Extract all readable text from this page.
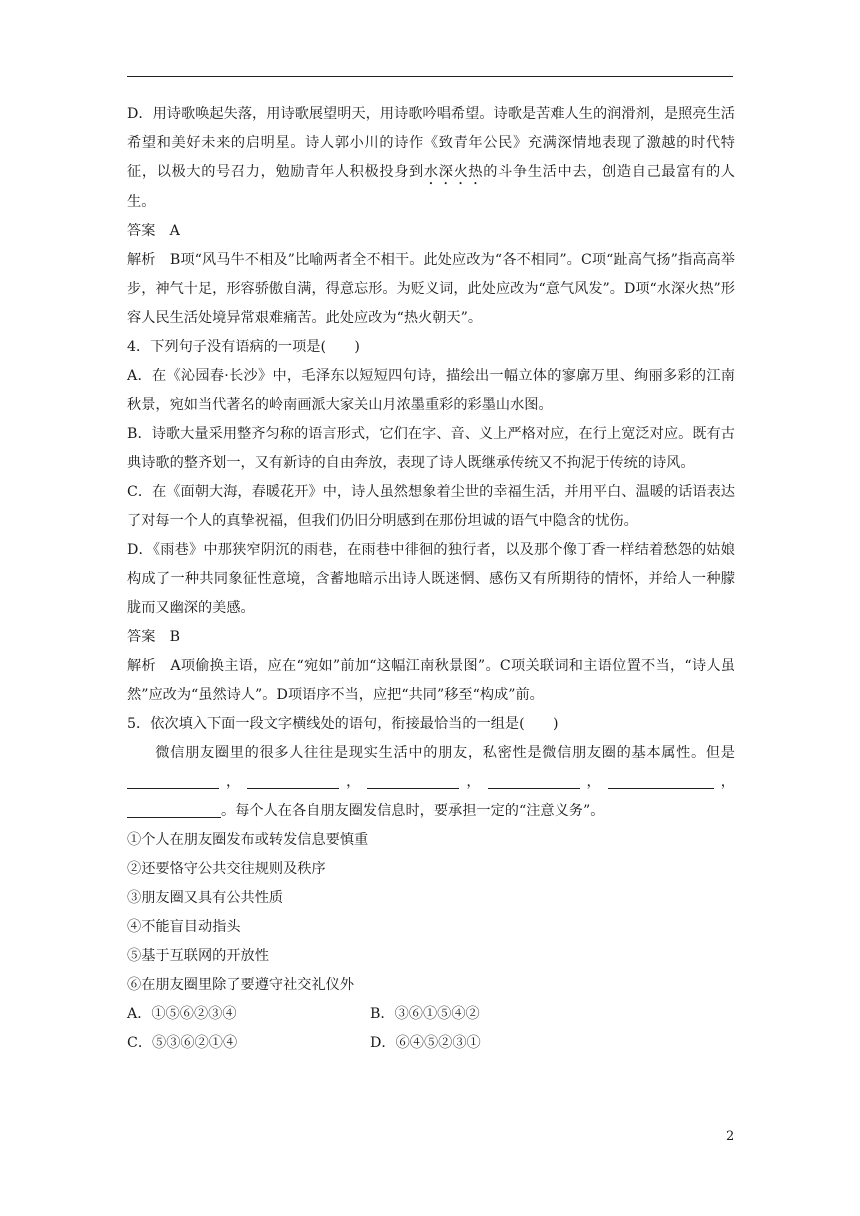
D．用诗歌唤起失落，用诗歌展望明天，用诗歌吟唱希望。诗歌是苦难人生的润滑剂，是照亮生活希望和美好未来的启明星。诗人郭小川的诗作《致青年公民》充满深情地表现了激越的时代特征，以极大的号召力，勉励青年人积极投身到水深火热的斗争生活中去，创造自己最富有的人生。

答案　A

解析　B项“风马牛不相及”比喻两者全不相干。此处应改为“各不相同”。C项“趾高气扬”指高高举步，神气十足，形容骄傲自满，得意忘形。为贬义词，此处应改为“意气风发”。D项“水深火热”形容人民生活处境异常艰难痛苦。此处应改为“热火朝天”。

4．下列句子没有语病的一项是(　　)

A．在《沁园春·长沙》中，毛泽东以短短四句诗，描绘出一幅立体的寥廓万里、绚丽多彩的江南秋景，宛如当代著名的岭南画派大家关山月浓墨重彩的彩墨山水图。

B．诗歌大量采用整齐匀称的语言形式，它们在字、音、义上严格对应，在行上宽泛对应。既有古典诗歌的整齐划一，又有新诗的自由奔放，表现了诗人既继承传统又不拘泥于传统的诗风。

C．在《面朝大海，春暖花开》中，诗人虽然想象着尘世的幸福生活，并用平白、温暖的话语表达了对每一个人的真挚祝福，但我们仍旧分明感到在那份坦诚的语气中隐含的忧伤。

D．《雨巷》中那狭窄阴沉的雨巷，在雨巷中徘徊的独行者，以及那个像丁香一样结着愁怨的姑娘构成了一种共同象征性意境，含蓄地暗示出诗人既迷惘、感伤又有所期待的情怀，并给人一种朦胧而又幽深的美感。

答案　B

解析　A项偷换主语，应在“宛如”前加“这幅江南秋景图”。C项关联词和主语位置不当，“诗人虽然”应改为“虽然诗人”。D项语序不当，应把“共同”移至“构成”前。

5．依次填入下面一段文字横线处的语句，衔接最恰当的一组是(　　)

微信朋友圈里的很多人往往是现实生活中的朋友，私密性是微信朋友圈的基本属性。但是，	，	，	，	，。每个人在各自朋友圈发信息时，要承担一定的“注意义务”。

①个人在朋友圈发布或转发信息要慎重

②还要恪守公共交往规则及秩序

③朋友圈又具有公共性质

④不能盲目动指头

⑤基于互联网的开放性

⑥在朋友圈里除了要遵守社交礼仪外

A．①⑤⑥②③④	B．③⑥①⑤④②
C．⑤③⑥②①④	D．⑥④⑤②③①
2
